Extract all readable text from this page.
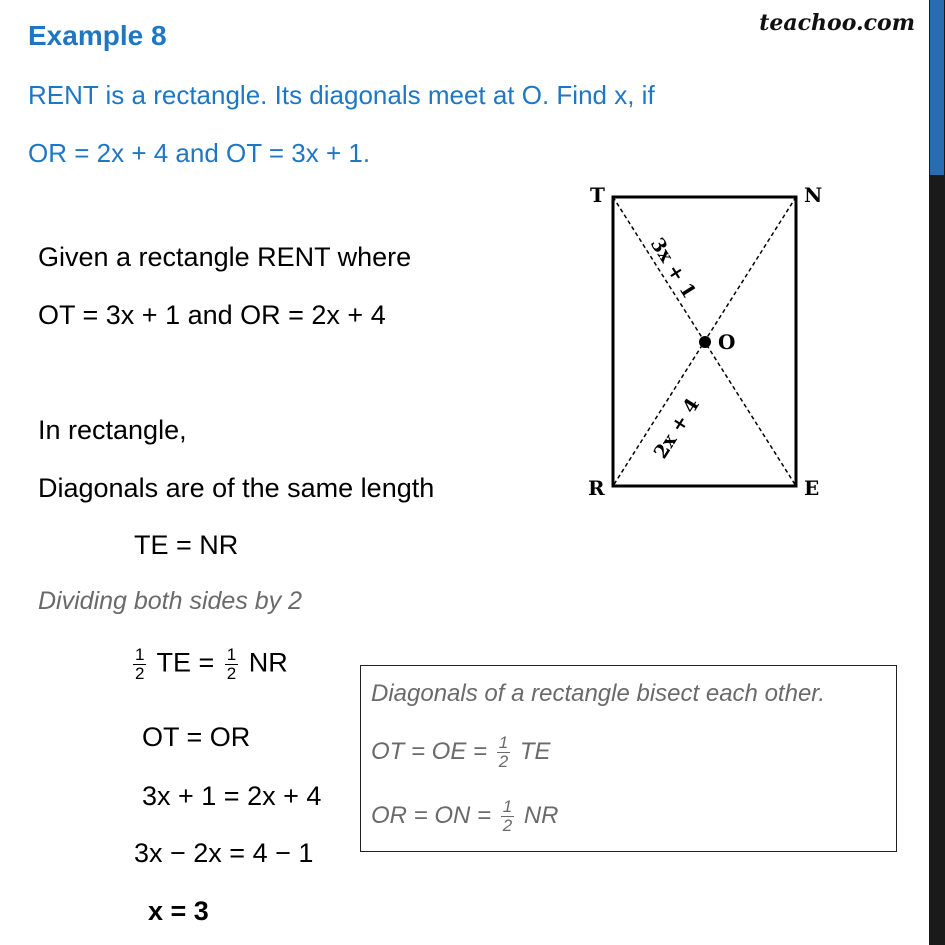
Example 8
RENT is a rectangle. Its diagonals meet at O. Find x, if
OR = 2x + 4 and OT = 3x + 1.
teachoo.com
Given a rectangle RENT where
OT = 3x + 1 and OR = 2x + 4
In rectangle,
Diagonals are of the same length
TE = NR
Dividing both sides by 2
$\frac{1}{2}$ TE = $\frac{1}{2}$ NR
OT = OR
3x + 1 = 2x + 4
3x − 2x = 4 − 1
x = 3
Diagonals of a rectangle bisect each other.
OT = OE = $\frac{1}{2}$ TE
OR = ON = $\frac{1}{2}$ NR
T	N
R	E
O
3x + 1
2x + 4
